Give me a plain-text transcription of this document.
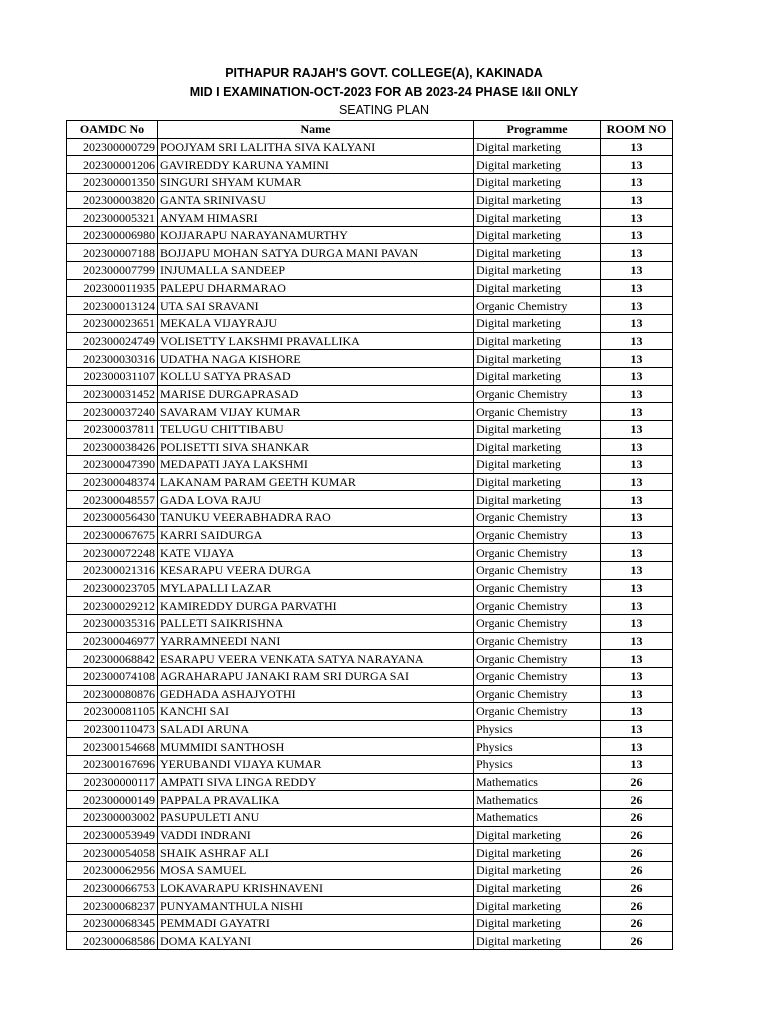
PITHAPUR RAJAH'S GOVT. COLLEGE(A), KAKINADA
MID I EXAMINATION-OCT-2023 FOR AB 2023-24 PHASE I&II ONLY
SEATING PLAN
OAMDC No	Name	Programme	ROOM NO
202300000729	POOJYAM SRI LALITHA SIVA KALYANI	Digital marketing	13
202300001206	GAVIREDDY KARUNA YAMINI	Digital marketing	13
202300001350	SINGURI SHYAM KUMAR	Digital marketing	13
202300003820	GANTA SRINIVASU	Digital marketing	13
202300005321	ANYAM HIMASRI	Digital marketing	13
202300006980	KOJJARAPU NARAYANAMURTHY	Digital marketing	13
202300007188	BOJJAPU MOHAN SATYA DURGA MANI PAVAN	Digital marketing	13
202300007799	INJUMALLA SANDEEP	Digital marketing	13
202300011935	PALEPU DHARMARAO	Digital marketing	13
202300013124	UTA SAI SRAVANI	Organic Chemistry	13
202300023651	MEKALA VIJAYRAJU	Digital marketing	13
202300024749	VOLISETTY LAKSHMI PRAVALLIKA	Digital marketing	13
202300030316	UDATHA NAGA KISHORE	Digital marketing	13
202300031107	KOLLU SATYA PRASAD	Digital marketing	13
202300031452	MARISE DURGAPRASAD	Organic Chemistry	13
202300037240	SAVARAM VIJAY KUMAR	Organic Chemistry	13
202300037811	TELUGU CHITTIBABU	Digital marketing	13
202300038426	POLISETTI SIVA SHANKAR	Digital marketing	13
202300047390	MEDAPATI JAYA LAKSHMI	Digital marketing	13
202300048374	LAKANAM PARAM GEETH KUMAR	Digital marketing	13
202300048557	GADA LOVA RAJU	Digital marketing	13
202300056430	TANUKU VEERABHADRA RAO	Organic Chemistry	13
202300067675	KARRI SAIDURGA	Organic Chemistry	13
202300072248	KATE VIJAYA	Organic Chemistry	13
202300021316	KESARAPU VEERA DURGA	Organic Chemistry	13
202300023705	MYLAPALLI LAZAR	Organic Chemistry	13
202300029212	KAMIREDDY DURGA PARVATHI	Organic Chemistry	13
202300035316	PALLETI SAIKRISHNA	Organic Chemistry	13
202300046977	YARRAMNEEDI NANI	Organic Chemistry	13
202300068842	ESARAPU VEERA VENKATA SATYA NARAYANA	Organic Chemistry	13
202300074108	AGRAHARAPU JANAKI RAM SRI DURGA SAI	Organic Chemistry	13
202300080876	GEDHADA ASHAJYOTHI	Organic Chemistry	13
202300081105	KANCHI SAI	Organic Chemistry	13
202300110473	SALADI ARUNA	Physics	13
202300154668	MUMMIDI SANTHOSH	Physics	13
202300167696	YERUBANDI VIJAYA KUMAR	Physics	13
202300000117	AMPATI SIVA LINGA REDDY	Mathematics	26
202300000149	PAPPALA PRAVALIKA	Mathematics	26
202300003002	PASUPULETI ANU	Mathematics	26
202300053949	VADDI INDRANI	Digital marketing	26
202300054058	SHAIK ASHRAF ALI	Digital marketing	26
202300062956	MOSA SAMUEL	Digital marketing	26
202300066753	LOKAVARAPU KRISHNAVENI	Digital marketing	26
202300068237	PUNYAMANTHULA NISHI	Digital marketing	26
202300068345	PEMMADI GAYATRI	Digital marketing	26
202300068586	DOMA KALYANI	Digital marketing	26
